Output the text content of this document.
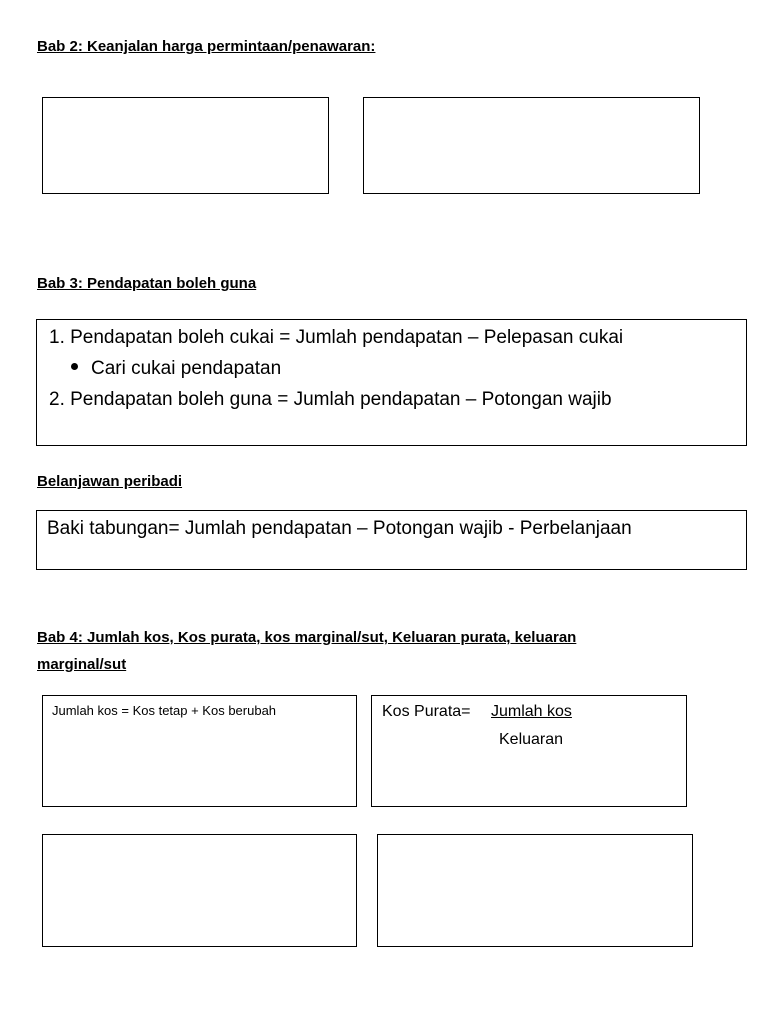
Bab 2: Keanjalan harga permintaan/penawaran:
Bab 3: Pendapatan boleh guna
1. Pendapatan boleh cukai = Jumlah pendapatan – Pelepasan cukai
Cari cukai pendapatan
2. Pendapatan boleh guna = Jumlah pendapatan – Potongan wajib
Belanjawan peribadi
Baki tabungan= Jumlah pendapatan – Potongan wajib - Perbelanjaan
Bab 4: Jumlah kos, Kos purata, kos marginal/sut, Keluaran purata, keluaran
marginal/sut
Jumlah kos = Kos tetap + Kos berubah	Kos Purata= Jumlah kos
Keluaran
